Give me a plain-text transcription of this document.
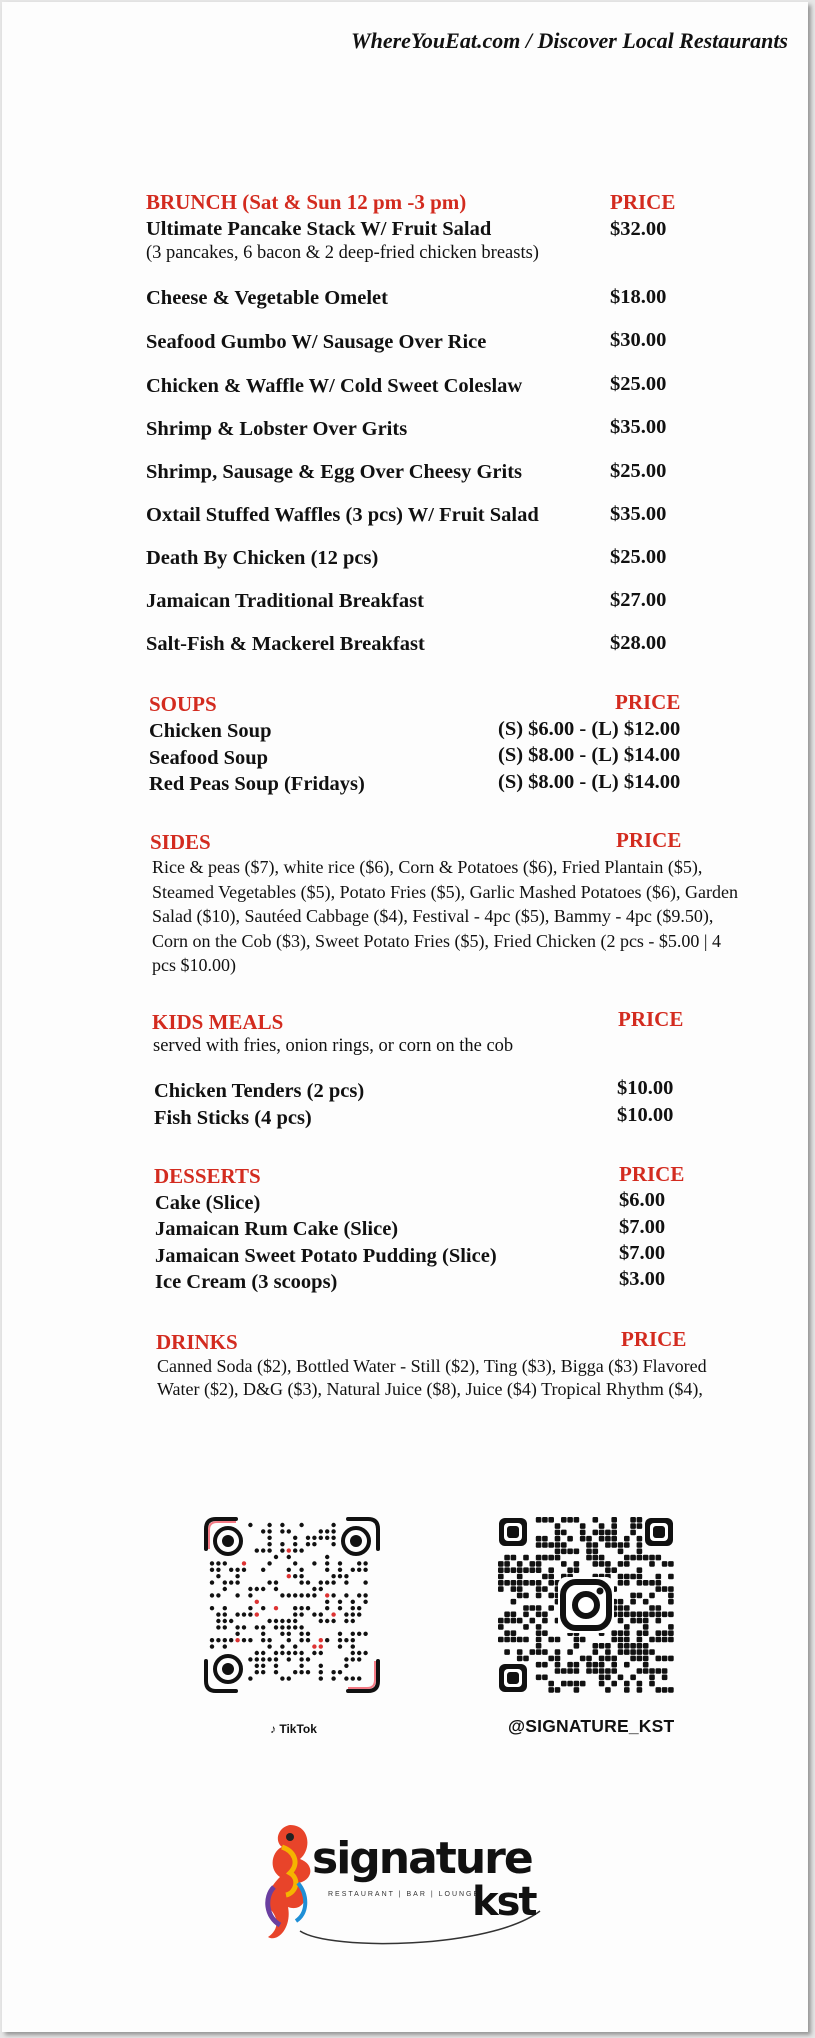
WhereYouEat.com / Discover Local Restaurants
BRUNCH (Sat & Sun 12 pm -3 pm)	PRICE
Ultimate Pancake Stack W/ Fruit Salad	$32.00
(3 pancakes, 6 bacon & 2 deep-fried chicken breasts)
Cheese & Vegetable Omelet	$18.00
Seafood Gumbo W/ Sausage Over Rice	$30.00
Chicken & Waffle W/ Cold Sweet Coleslaw	$25.00
Shrimp & Lobster Over Grits	$35.00
Shrimp, Sausage & Egg Over Cheesy Grits	$25.00
Oxtail Stuffed Waffles (3 pcs) W/ Fruit Salad	$35.00
Death By Chicken (12 pcs)	$25.00
Jamaican Traditional Breakfast	$27.00
Salt-Fish & Mackerel Breakfast	$28.00
SOUPS	PRICE
Chicken Soup	(S) $6.00 - (L) $12.00
Seafood Soup	(S) $8.00 - (L) $14.00
Red Peas Soup (Fridays)	(S) $8.00 - (L) $14.00
SIDES	PRICE
Rice & peas ($7), white rice ($6), Corn & Potatoes ($6), Fried Plantain ($5), Steamed Vegetables ($5), Potato Fries ($5), Garlic Mashed Potatoes ($6), Garden Salad ($10), Sautéed Cabbage ($4), Festival - 4pc ($5), Bammy - 4pc ($9.50), Corn on the Cob ($3), Sweet Potato Fries ($5), Fried Chicken (2 pcs - $5.00 | 4 pcs $10.00)
KIDS MEALS	PRICE
served with fries, onion rings, or corn on the cob
Chicken Tenders (2 pcs)	$10.00
Fish Sticks (4 pcs)	$10.00
DESSERTS	PRICE
Cake (Slice)	$6.00
Jamaican Rum Cake (Slice)	$7.00
Jamaican Sweet Potato Pudding (Slice)	$7.00
Ice Cream (3 scoops)	$3.00
DRINKS	PRICE
Canned Soda ($2), Bottled Water - Still ($2), Ting ($3), Bigga ($3) Flavored Water ($2), D&G ($3), Natural Juice ($8), Juice ($4) Tropical Rhythm ($4),
♪ TikTok	@SIGNATURE_KST
signature
RESTAURANT | BAR | LOUNGE
kst
